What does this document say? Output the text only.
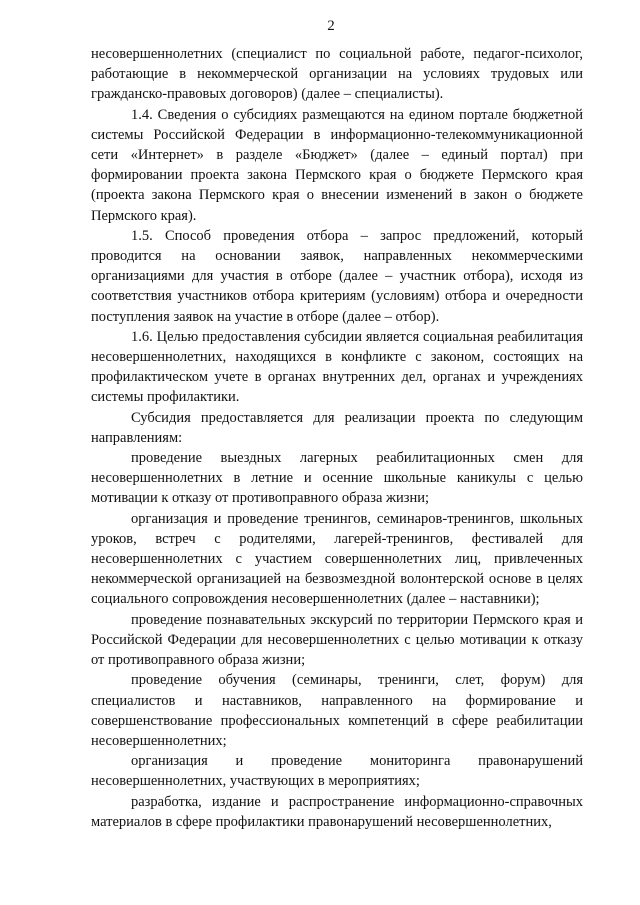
2

несовершеннолетних (специалист по социальной работе, педагог-психолог, работающие в некоммерческой организации на условиях трудовых или гражданско-правовых договоров) (далее – специалисты).

1.4. Сведения о субсидиях размещаются на едином портале бюджетной системы Российской Федерации в информационно-телекоммуникационной сети «Интернет» в разделе «Бюджет» (далее – единый портал) при формировании проекта закона Пермского края о бюджете Пермского края (проекта закона Пермского края о внесении изменений в закон о бюджете Пермского края).

1.5. Способ проведения отбора – запрос предложений, который проводится на основании заявок, направленных некоммерческими организациями для участия в отборе (далее – участник отбора), исходя из соответствия участников отбора критериям (условиям) отбора и очередности поступления заявок на участие в отборе (далее – отбор).

1.6. Целью предоставления субсидии является социальная реабилитация несовершеннолетних, находящихся в конфликте с законом, состоящих на профилактическом учете в органах внутренних дел, органах и учреждениях системы профилактики.

Субсидия предоставляется для реализации проекта по следующим направлениям:

проведение выездных лагерных реабилитационных смен для несовершеннолетних в летние и осенние школьные каникулы с целью мотивации к отказу от противоправного образа жизни;

организация и проведение тренингов, семинаров-тренингов, школьных уроков, встреч с родителями, лагерей-тренингов, фестивалей для несовершеннолетних с участием совершеннолетних лиц, привлеченных некоммерческой организацией на безвозмездной волонтерской основе в целях социального сопровождения несовершеннолетних (далее – наставники);

проведение познавательных экскурсий по территории Пермского края и Российской Федерации для несовершеннолетних с целью мотивации к отказу от противоправного образа жизни;

проведение обучения (семинары, тренинги, слет, форум) для специалистов и наставников, направленного на формирование и совершенствование профессиональных компетенций в сфере реабилитации несовершеннолетних;

организация и проведение мониторинга правонарушений несовершеннолетних, участвующих в мероприятиях;

разработка, издание и распространение информационно-справочных материалов в сфере профилактики правонарушений несовершеннолетних,
